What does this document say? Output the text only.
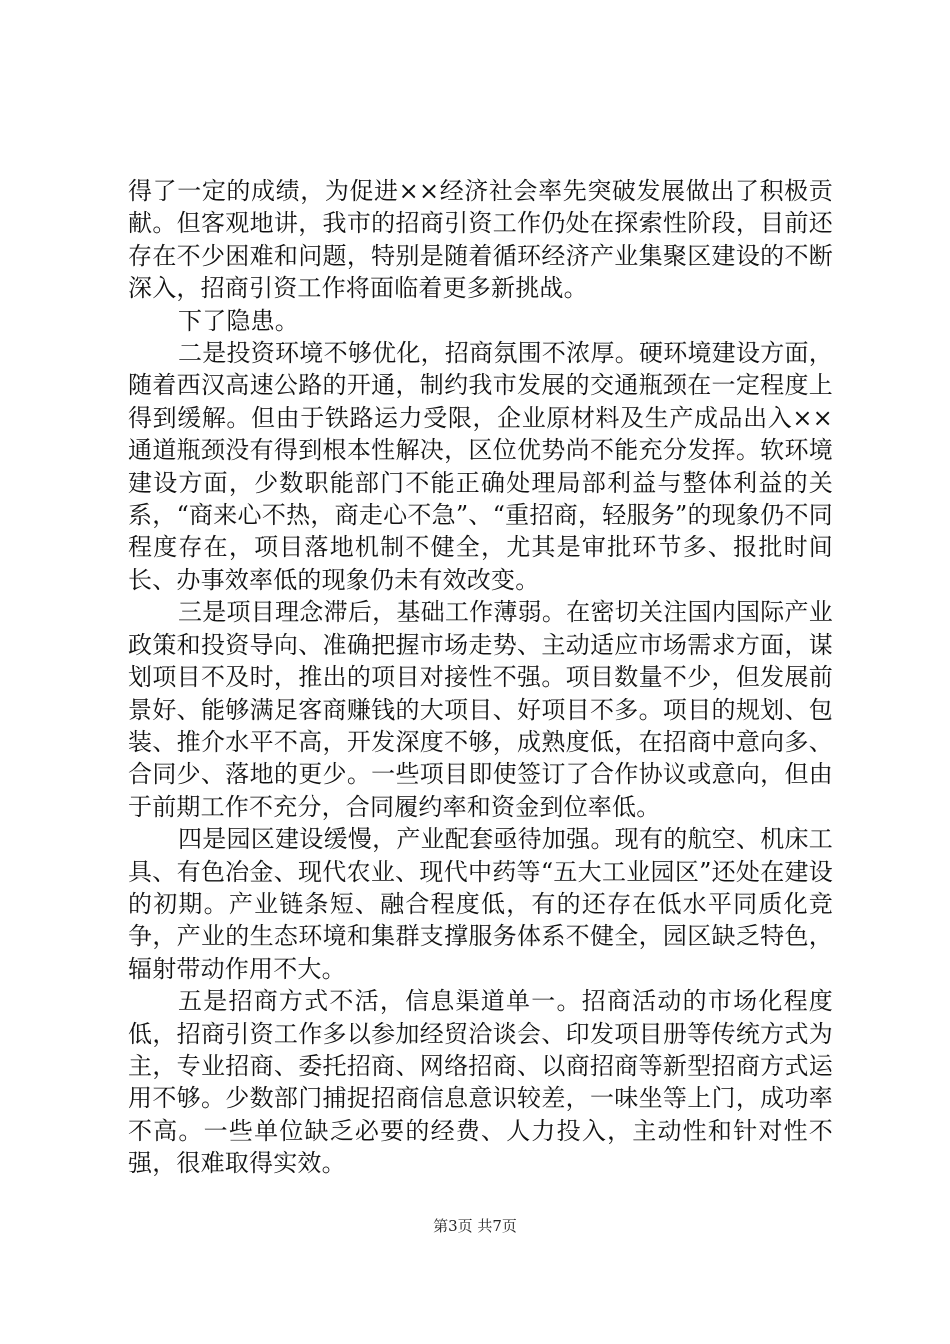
得了一定的成绩，为促进××经济社会率先突破发展做出了积极贡献。但客观地讲，我市的招商引资工作仍处在探索性阶段，目前还存在不少困难和问题，特别是随着循环经济产业集聚区建设的不断深入，招商引资工作将面临着更多新挑战。

下了隐患。

二是投资环境不够优化，招商氛围不浓厚。硬环境建设方面，随着西汉高速公路的开通，制约我市发展的交通瓶颈在一定程度上得到缓解。但由于铁路运力受限，企业原材料及生产成品出入××通道瓶颈没有得到根本性解决，区位优势尚不能充分发挥。软环境建设方面，少数职能部门不能正确处理局部利益与整体利益的关系，“商来心不热，商走心不急”、“重招商，轻服务”的现象仍不同程度存在，项目落地机制不健全，尤其是审批环节多、报批时间长、办事效率低的现象仍未有效改变。

三是项目理念滞后，基础工作薄弱。在密切关注国内国际产业政策和投资导向、准确把握市场走势、主动适应市场需求方面，谋划项目不及时，推出的项目对接性不强。项目数量不少，但发展前景好、能够满足客商赚钱的大项目、好项目不多。项目的规划、包装、推介水平不高，开发深度不够，成熟度低，在招商中意向多、合同少、落地的更少。一些项目即使签订了合作协议或意向，但由于前期工作不充分，合同履约率和资金到位率低。

四是园区建设缓慢，产业配套亟待加强。现有的航空、机床工具、有色冶金、现代农业、现代中药等“五大工业园区”还处在建设的初期。产业链条短、融合程度低，有的还存在低水平同质化竞争，产业的生态环境和集群支撑服务体系不健全，园区缺乏特色，辐射带动作用不大。

五是招商方式不活，信息渠道单一。招商活动的市场化程度低，招商引资工作多以参加经贸洽谈会、印发项目册等传统方式为主，专业招商、委托招商、网络招商、以商招商等新型招商方式运用不够。少数部门捕捉招商信息意识较差，一味坐等上门，成功率不高。一些单位缺乏必要的经费、人力投入，主动性和针对性不强，很难取得实效。

第3页 共7页
